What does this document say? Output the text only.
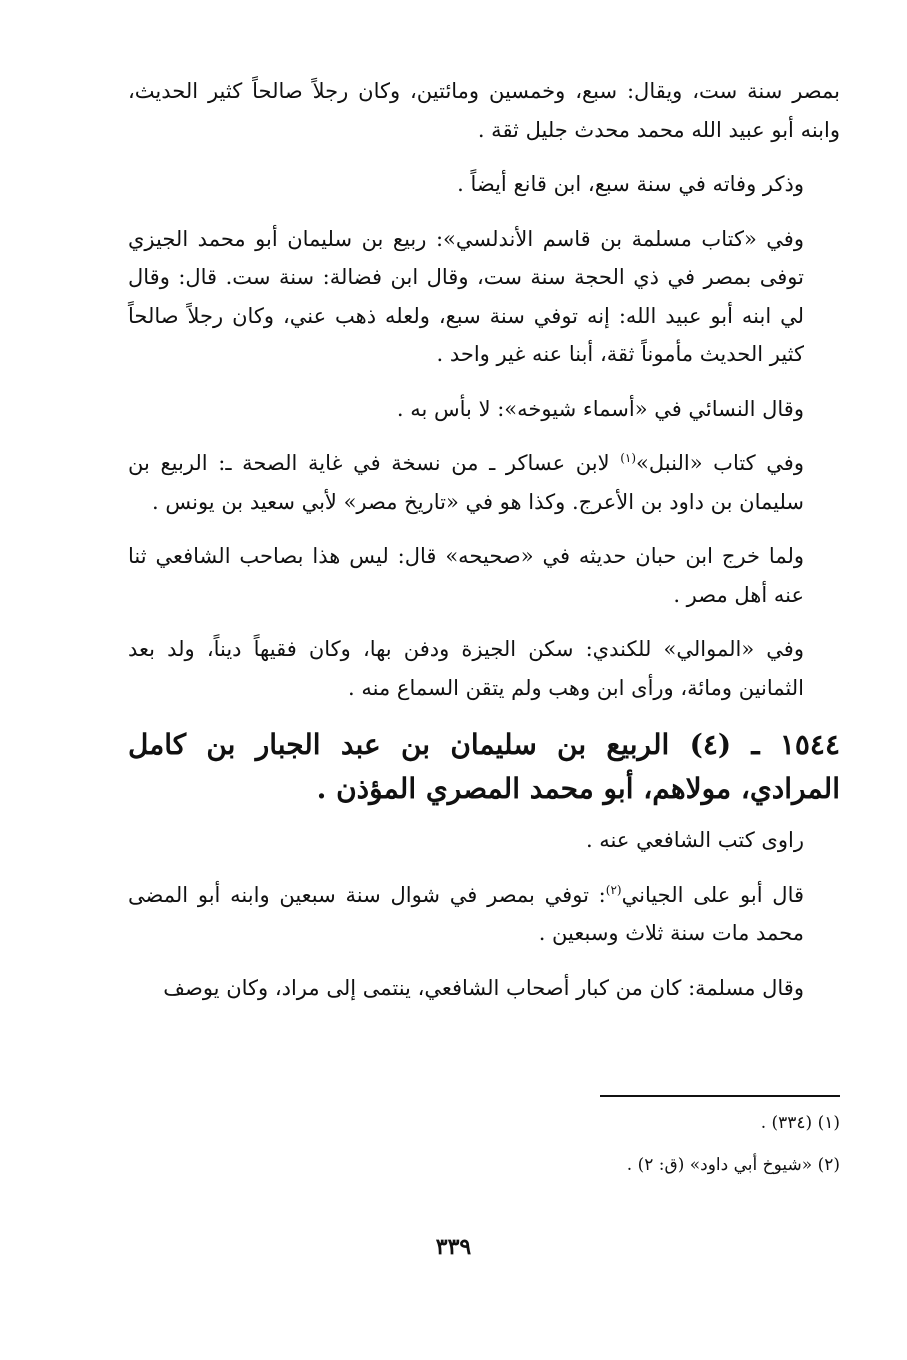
بمصر سنة ست، ويقال: سبع، وخمسين ومائتين، وكان رجلاً صالحاً كثير الحديث، وابنه أبو عبيد الله محمد محدث جليل ثقة .

وذكر وفاته في سنة سبع، ابن قانع أيضاً .

وفي «كتاب مسلمة بن قاسم الأندلسي»: ربيع بن سليمان أبو محمد الجيزي توفى بمصر في ذي الحجة سنة ست، وقال ابن فضالة: سنة ست. قال: وقال لي ابنه أبو عبيد الله: إنه توفي سنة سبع، ولعله ذهب عني، وكان رجلاً صالحاً كثير الحديث مأموناً ثقة، أبنا عنه غير واحد .

وقال النسائي في «أسماء شيوخه»: لا بأس به .

وفي كتاب «النبل»$^{(١)}$ لابن عساكر ـ من نسخة في غاية الصحة ـ: الربيع بن سليمان بن داود بن الأعرج. وكذا هو في «تاريخ مصر» لأبي سعيد بن يونس .

ولما خرج ابن حبان حديثه في «صحيحه» قال: ليس هذا بصاحب الشافعي ثنا عنه أهل مصر .

وفي «الموالي» للكندي: سكن الجيزة ودفن بها، وكان فقيهاً ديناً، ولد بعد الثمانين ومائة، ورأى ابن وهب ولم يتقن السماع منه .

١٥٤٤ ـ (٤) الربيع بن سليمان بن عبد الجبار بن كامل المرادي، مولاهم، أبو محمد المصري المؤذن .

راوى كتب الشافعي عنه .

قال أبو على الجياني$^{(٢)}$: توفي بمصر في شوال سنة سبعين وابنه أبو المضى محمد مات سنة ثلاث وسبعين .

وقال مسلمة: كان من كبار أصحاب الشافعي، ينتمى إلى مراد، وكان يوصف

(١) (٣٣٤) .

(٢) «شيوخ أبي داود» (ق: ٢) .

٣٣٩
